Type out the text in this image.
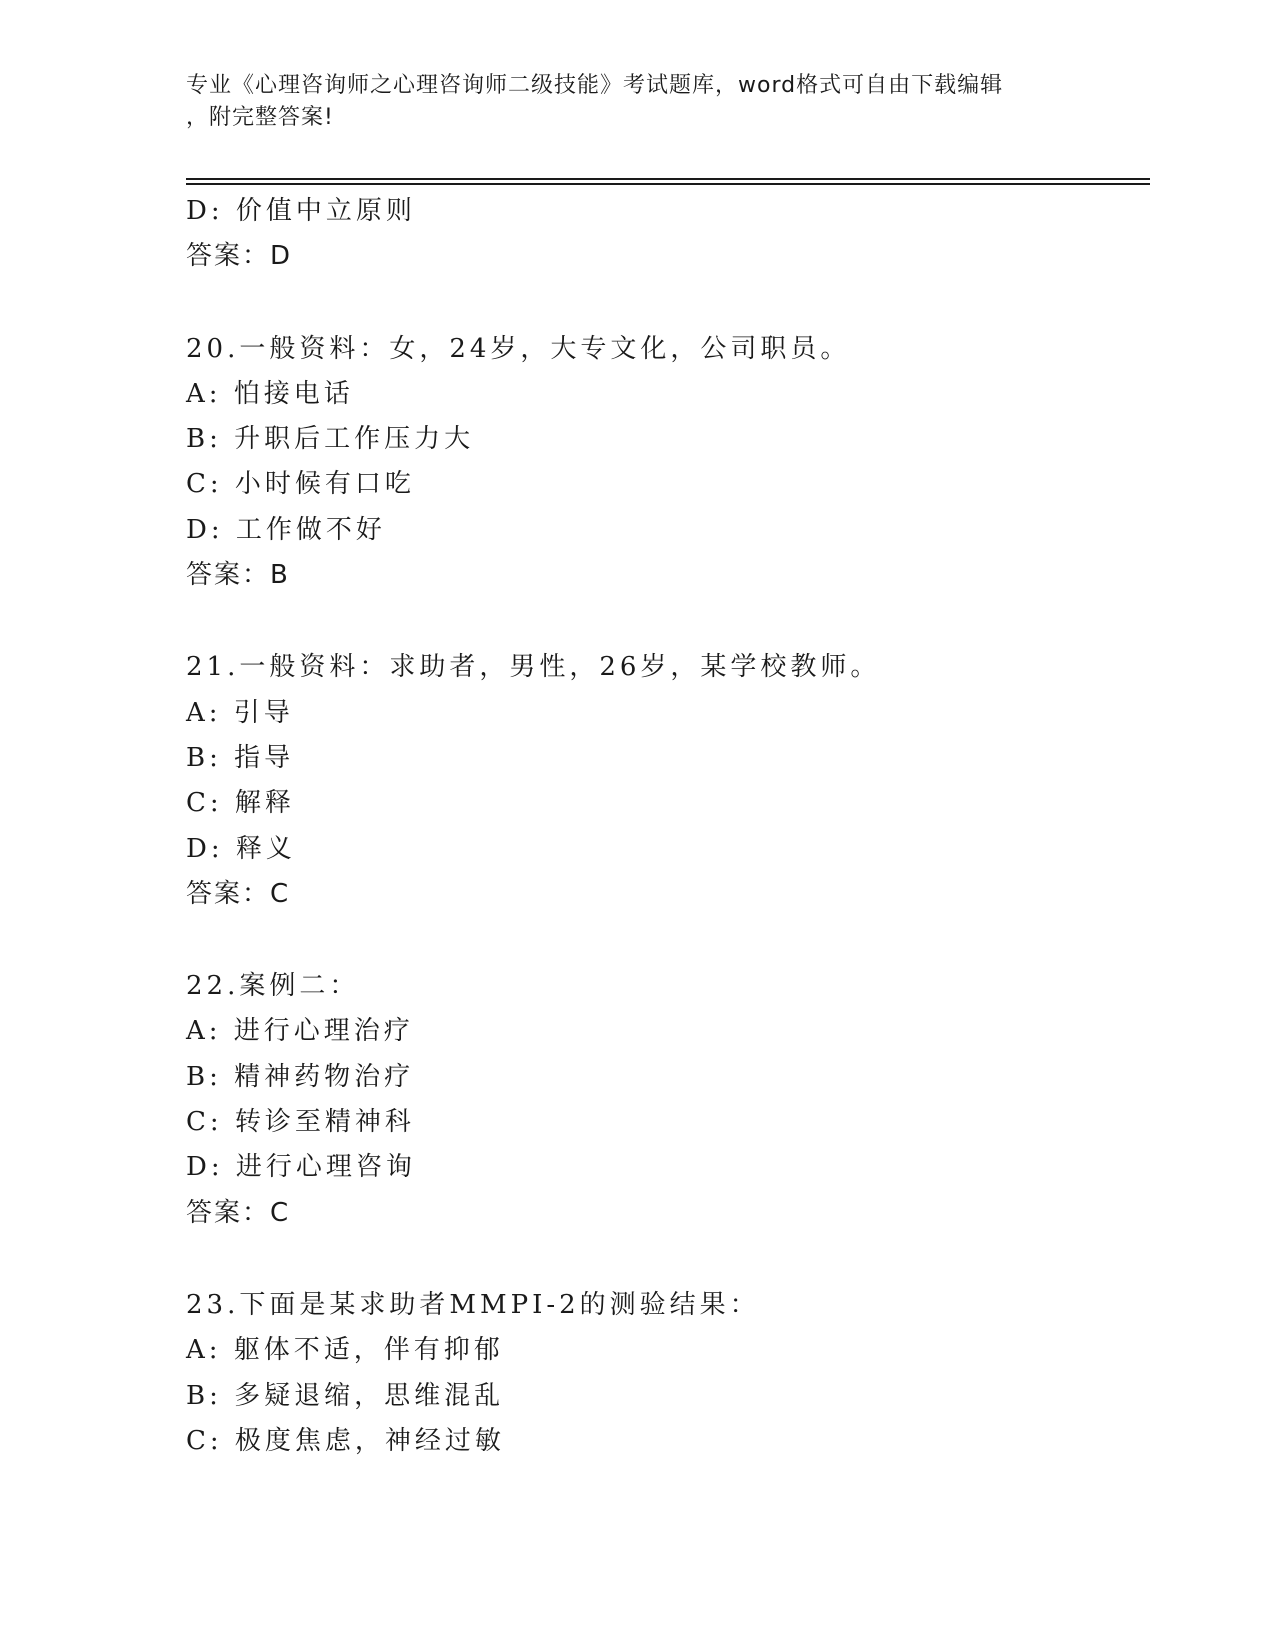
专业《心理咨询师之心理咨询师二级技能》考试题库，word格式可自由下载编辑
，附完整答案!
D: 价值中立原则
答案：D
20.一般资料：女，24岁，大专文化，公司职员。
A: 怕接电话
B: 升职后工作压力大
C: 小时候有口吃
D: 工作做不好
答案：B
21.一般资料：求助者，男性，26岁，某学校教师。
A: 引导
B: 指导
C: 解释
D: 释义
答案：C
22.案例二：
A: 进行心理治疗
B: 精神药物治疗
C: 转诊至精神科
D: 进行心理咨询
答案：C
23.下面是某求助者MMPI-2的测验结果：
A: 躯体不适，伴有抑郁
B: 多疑退缩，思维混乱
C: 极度焦虑，神经过敏
